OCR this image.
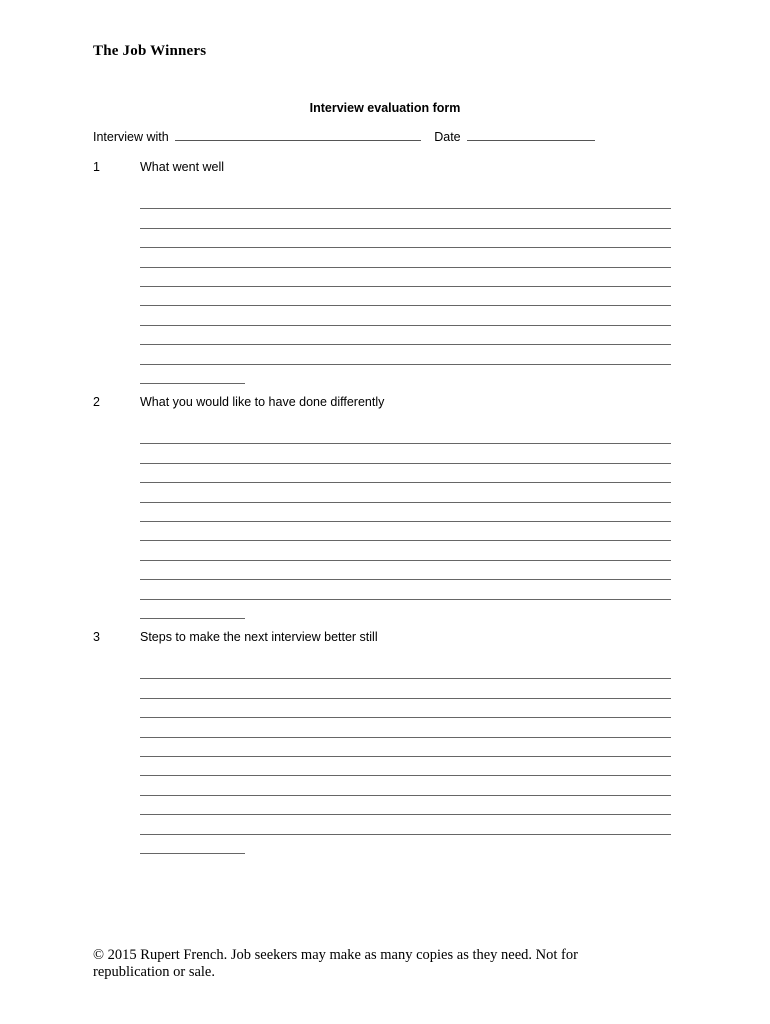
The Job Winners
Interview evaluation form
Interview with	Date
1	What went well
2	What you would like to have done differently
3	Steps to make the next interview better still
© 2015 Rupert French. Job seekers may make as many copies as they need. Not for republication or sale.
